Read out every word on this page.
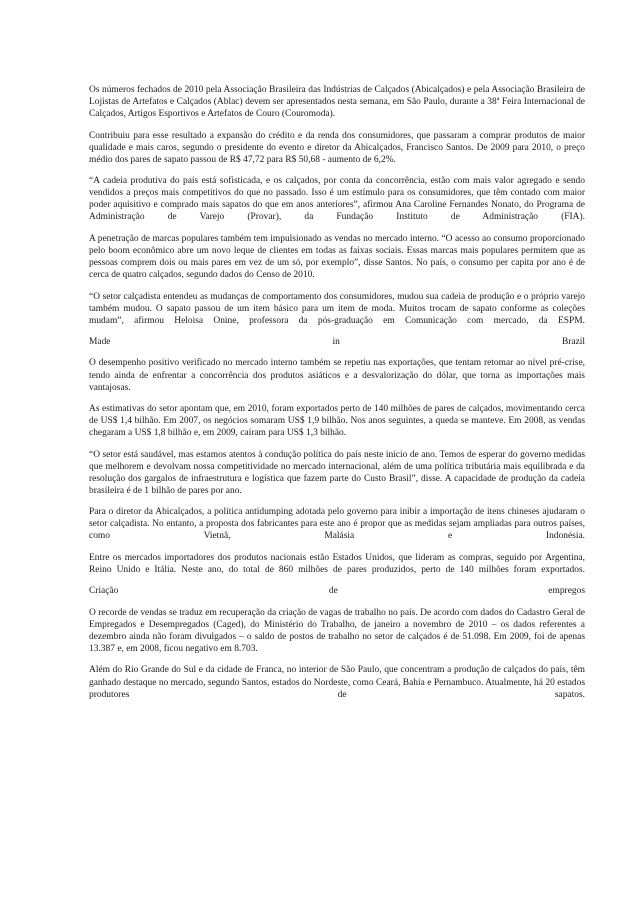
Os números fechados de 2010 pela Associação Brasileira das Indústrias de Calçados (Abicalçados) e pela Associação Brasileira de Lojistas de Artefatos e Calçados (Ablac) devem ser apresentados nesta semana, em São Paulo, durante a 38ª Feira Internacional de Calçados, Artigos Esportivos e Artefatos de Couro (Couromoda).

Contribuiu para esse resultado a expansão do crédito e da renda dos consumidores, que passaram a comprar produtos de maior qualidade e mais caros, segundo o presidente do evento e diretor da Abicalçados, Francisco Santos. De 2009 para 2010, o preço médio dos pares de sapato passou de R$ 47,72 para R$ 50,68 - aumento de 6,2%.

“A cadeia produtiva do país está sofisticada, e os calçados, por conta da concorrência, estão com mais valor agregado e sendo vendidos a preços mais competitivos do que no passado. Isso é um estímulo para os consumidores, que têm contado com maior poder aquisitivo e comprado mais sapatos do que em anos anteriores”, afirmou Ana Caroline Fernandes Nonato, do Programa de Administração de Varejo (Provar), da Fundação Instituto de Administração (FIA).

A penetração de marcas populares também tem impulsionado as vendas no mercado interno. “O acesso ao consumo proporcionado pelo boom econômico abre um novo leque de clientes em todas as faixas sociais. Essas marcas mais populares permitem que as pessoas comprem dois ou mais pares em vez de um só, por exemplo”, disse Santos. No país, o consumo per capita por ano é de cerca de quatro calçados, segundo dados do Censo de 2010.

“O setor calçadista entendeu as mudanças de comportamento dos consumidores, mudou sua cadeia de produção e o próprio varejo também mudou. O sapato passou de um item básico para um item de moda. Muitos trocam de sapato conforme as coleções mudam”, afirmou Heloisa Onine, professora da pós-graduação em Comunicação com mercado, da ESPM.

Made in Brazil

O desempenho positivo verificado no mercado interno também se repetiu nas exportações, que tentam retomar ao nível pré-crise, tendo ainda de enfrentar a concorrência dos produtos asiáticos e a desvalorização do dólar, que torna as importações mais vantajosas.

As estimativas do setor apontam que, em 2010, foram exportados perto de 140 milhões de pares de calçados, movimentando cerca de US$ 1,4 bilhão. Em 2007, os negócios somaram US$ 1,9 bilhão. Nos anos seguintes, a queda se manteve. Em 2008, as vendas chegaram a US$ 1,8 bilhão e, em 2009, caíram para US$ 1,3 bilhão.

“O setor está saudável, mas estamos atentos à condução política do país neste início de ano. Temos de esperar do governo medidas que melhorem e devolvam nossa competitividade no mercado internacional, além de uma política tributária mais equilibrada e da resolução dos gargalos de infraestrutura e logística que fazem parte do Custo Brasil”, disse. A capacidade de produção da cadeia brasileira é de 1 bilhão de pares por ano.

Para o diretor da Abicalçados, a política antidumping adotada pelo governo para inibir a importação de itens chineses ajudaram o setor calçadista. No entanto, a proposta dos fabricantes para este ano é propor que as medidas sejam ampliadas para outros países, como Vietnã, Malásia e Indonésia.

Entre os mercados importadores dos produtos nacionais estão Estados Unidos, que lideram as compras, seguido por Argentina, Reino Unido e Itália. Neste ano, do total de 860 milhões de pares produzidos, perto de 140 milhões foram exportados.

Criação de empregos

O recorde de vendas se traduz em recuperação da criação de vagas de trabalho no país. De acordo com dados do Cadastro Geral de Empregados e Desempregados (Caged), do Ministério do Trabalho, de janeiro a novembro de 2010 – os dados referentes a dezembro ainda não foram divulgados – o saldo de postos de trabalho no setor de calçados é de 51.098. Em 2009, foi de apenas 13.387 e, em 2008, ficou negativo em 8.703.

Além do Rio Grande do Sul e da cidade de Franca, no interior de São Paulo, que concentram a produção de calçados do país, têm ganhado destaque no mercado, segundo Santos, estados do Nordeste, como Ceará, Bahia e Pernambuco. Atualmente, há 20 estados produtores de sapatos.
